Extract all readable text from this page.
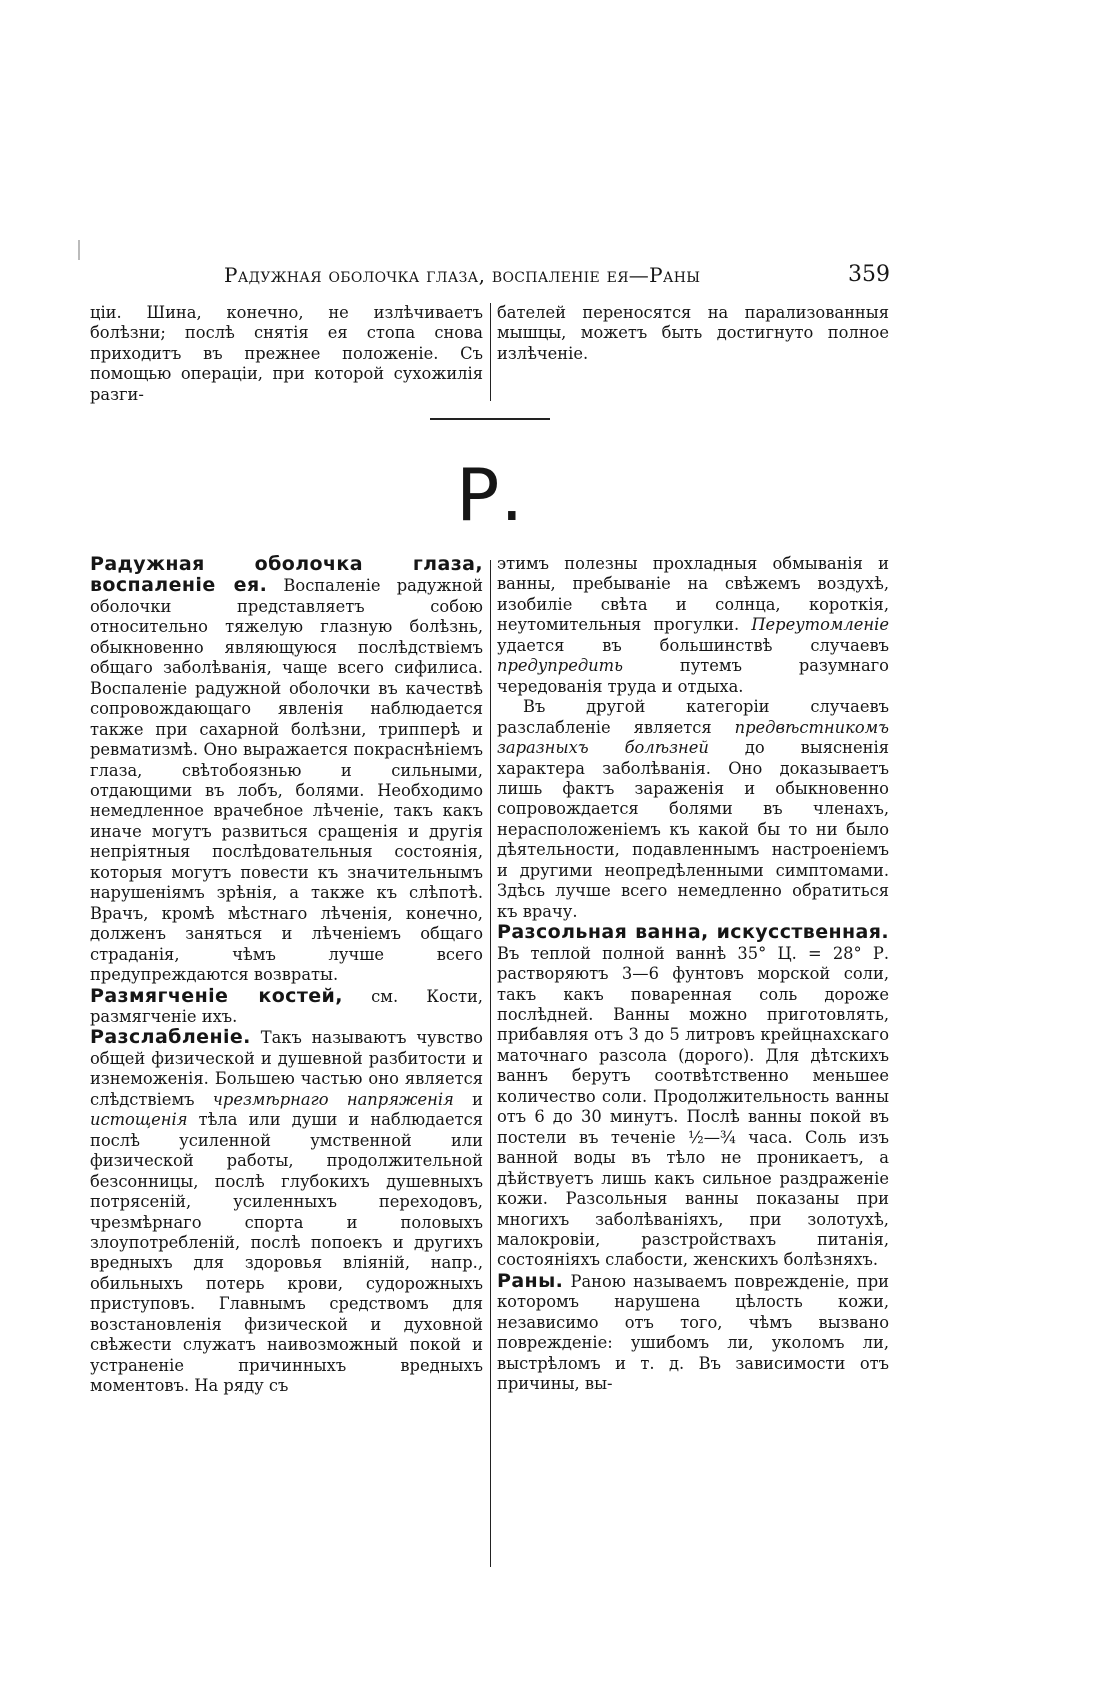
Радужная оболочка глаза, воспаленіе ея—Раны	359

ціи. Шина, конечно, не излѣчиваетъ болѣзни; послѣ снятія ея стопа снова приходитъ въ прежнее положеніе. Съ помощью операціи, при которой сухожилія разги-

бателей переносятся на парализованныя мышцы, можетъ быть достигнуто полное излѣченіе.

Р.

Радужная оболочка глаза, воспаленіе ея. Воспаленіе радужной оболочки представляетъ собою относительно тяжелую глазную болѣзнь, обыкновенно являющуюся послѣдствіемъ общаго заболѣванія, чаще всего сифилиса. Воспаленіе радужной оболочки въ качествѣ сопровождающаго явленія наблюдается также при сахарной болѣзни, трипперѣ и ревматизмѣ. Оно выражается покраснѣніемъ глаза, свѣтобоязнью и сильными, отдающими въ лобъ, болями. Необходимо немедленное врачебное лѣченіе, такъ какъ иначе могутъ развиться сращенія и другія непріятныя послѣдовательныя состоянія, которыя могутъ повести къ значительнымъ нарушеніямъ зрѣнія, а также къ слѣпотѣ. Врачъ, кромѣ мѣстнаго лѣченія, конечно, долженъ заняться и лѣченіемъ общаго страданія, чѣмъ лучше всего предупреждаются возвраты.

Размягченіе костей, см. Кости, размягченіе ихъ.

Разслабленіе. Такъ называютъ чувство общей физической и душевной разбитости и изнеможенія. Большею частью оно является слѣдствіемъ чрезмѣрнаго напряженія и истощенія тѣла или души и наблюдается послѣ усиленной умственной или физической работы, продолжительной безсонницы, послѣ глубокихъ душевныхъ потрясеній, усиленныхъ переходовъ, чрезмѣрнаго спорта и половыхъ злоупотребленій, послѣ попоекъ и другихъ вредныхъ для здоровья вліяній, напр., обильныхъ потерь крови, судорожныхъ приступовъ. Главнымъ средствомъ для возстановленія физической и духовной свѣжести служатъ наивозможный покой и устраненіе причинныхъ вредныхъ моментовъ. На ряду съ

этимъ полезны прохладныя обмыванія и ванны, пребываніе на свѣжемъ воздухѣ, изобиліе свѣта и солнца, короткія, неутомительныя прогулки. Переутомленіе удается въ большинствѣ случаевъ предупредить	путемъ разумнаго чередованія труда и отдыха.

Въ другой категоріи случаевъ разслабленіе является предвѣстникомъ заразныхъ болѣзней до выясненія характера заболѣванія. Оно доказываетъ лишь фактъ зараженія и обыкновенно сопровождается болями въ членахъ, нерасположеніемъ къ какой бы то ни было дѣятельности, подавленнымъ настроеніемъ и другими неопредѣленными симптомами. Здѣсь лучше всего немедленно обратиться къ врачу.

Разсольная ванна, искусственная. Въ теплой полной ваннѣ 35° Ц. = 28° Р. растворяютъ 3—6 фунтовъ морской соли, такъ какъ поваренная соль дороже послѣдней. Ванны можно приготовлять, прибавляя отъ 3 до 5 литровъ крейцнахскаго маточнаго разсола (дорого). Для дѣтскихъ ваннъ берутъ соотвѣтственно меньшее количество соли. Продолжительность ванны отъ 6 до 30 минутъ. Послѣ ванны покой въ постели въ теченіе ½—¾ часа. Соль изъ ванной воды въ тѣло не проникаетъ, а дѣйствуетъ лишь какъ сильное раздраженіе кожи. Разсольныя ванны показаны при многихъ заболѣваніяхъ, при золотухѣ, малокровіи, разстройствахъ питанія, состояніяхъ слабости, женскихъ болѣзняхъ.

Раны. Раною называемъ поврежденіе, при которомъ нарушена цѣлость кожи, независимо отъ того, чѣмъ вызвано поврежденіе: ушибомъ ли, уколомъ ли, выстрѣломъ и т. д. Въ зависимости отъ причины, вы-
